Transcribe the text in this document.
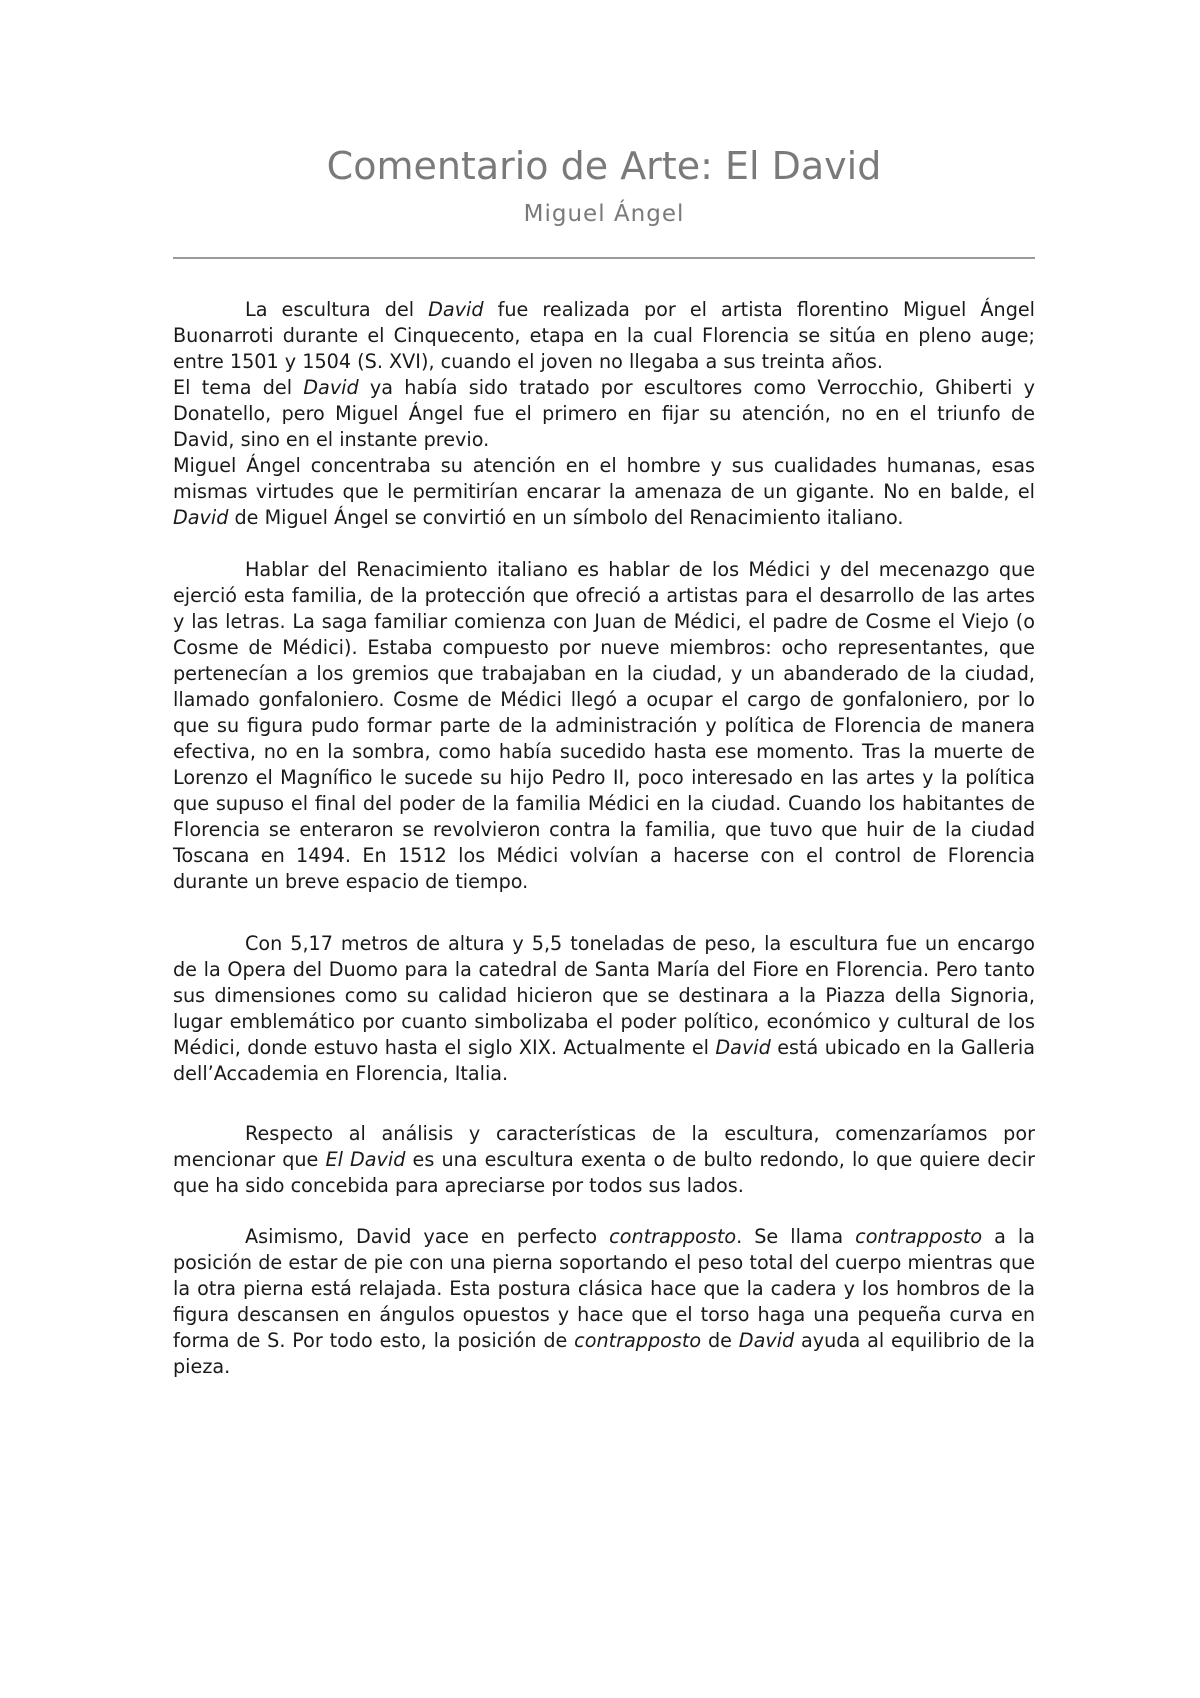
Comentario de Arte: El David
Miguel Ángel

La escultura del David fue realizada por el artista florentino Miguel Ángel Buonarroti durante el Cinquecento, etapa en la cual Florencia se sitúa en pleno auge; entre 1501 y 1504 (S. XVI), cuando el joven no llegaba a sus treinta años.

El tema del David ya había sido tratado por escultores como Verrocchio, Ghiberti y Donatello, pero Miguel Ángel fue el primero en fijar su atención, no en el triunfo de David, sino en el instante previo.

Miguel Ángel concentraba su atención en el hombre y sus cualidades humanas, esas mismas virtudes que le permitirían encarar la amenaza de un gigante. No en balde, el David de Miguel Ángel se convirtió en un símbolo del Renacimiento italiano.

Hablar del Renacimiento italiano es hablar de los Médici y del mecenazgo que ejerció esta familia, de la protección que ofreció a artistas para el desarrollo de las artes y las letras. La saga familiar comienza con Juan de Médici, el padre de Cosme el Viejo (o Cosme de Médici). Estaba compuesto por nueve miembros: ocho representantes, que pertenecían a los gremios que trabajaban en la ciudad, y un abanderado de la ciudad, llamado gonfaloniero. Cosme de Médici llegó a ocupar el cargo de gonfaloniero, por lo que su figura pudo formar parte de la administración y política de Florencia de manera efectiva, no en la sombra, como había sucedido hasta ese momento. Tras la muerte de Lorenzo el Magnífico le sucede su hijo Pedro II, poco interesado en las artes y la política que supuso el final del poder de la familia Médici en la ciudad. Cuando los habitantes de Florencia se enteraron se revolvieron contra la familia, que tuvo que huir de la ciudad Toscana en 1494. En 1512 los Médici volvían a hacerse con el control de Florencia durante un breve espacio de tiempo.

Con 5,17 metros de altura y 5,5 toneladas de peso, la escultura fue un encargo de la Opera del Duomo para la catedral de Santa María del Fiore en Florencia. Pero tanto sus dimensiones como su calidad hicieron que se destinara a la Piazza della Signoria, lugar emblemático por cuanto simbolizaba el poder político, económico y cultural de los Médici, donde estuvo hasta el siglo XIX. Actualmente el David está ubicado en la Galleria dell’Accademia en Florencia, Italia.

Respecto al análisis y características de la escultura, comenzaríamos por mencionar que El David es una escultura exenta o de bulto redondo, lo que quiere decir que ha sido concebida para apreciarse por todos sus lados.

Asimismo, David yace en perfecto contrapposto. Se llama contrapposto a la posición de estar de pie con una pierna soportando el peso total del cuerpo mientras que la otra pierna está relajada. Esta postura clásica hace que la cadera y los hombros de la figura descansen en ángulos opuestos y hace que el torso haga una pequeña curva en forma de S. Por todo esto, la posición de contrapposto de David ayuda al equilibrio de la pieza.
